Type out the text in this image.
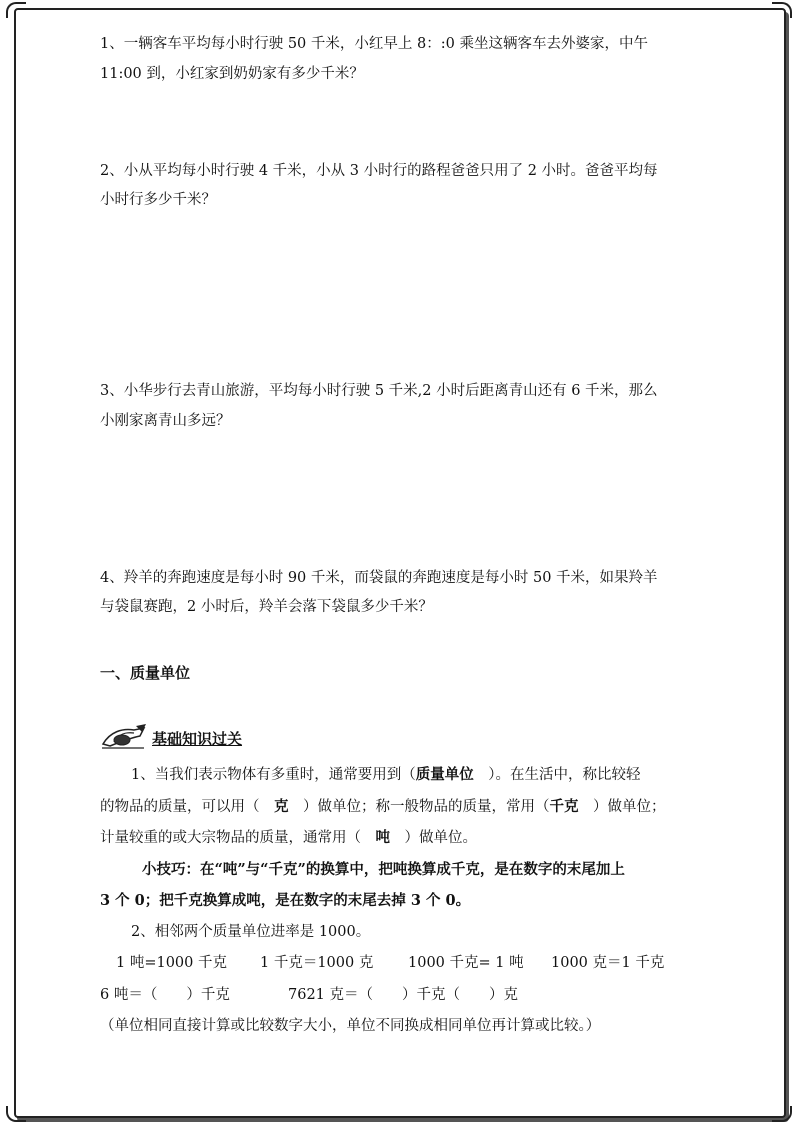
1、一辆客车平均每小时行驶 50 千米，小红早上 8：:0 乘坐这辆客车去外婆家，中午
11:00 到，小红家到奶奶家有多少千米？
2、小从平均每小时行驶 4 千米，小从 3 小时行的路程爸爸只用了 2 小时。爸爸平均每
小时行多少千米？
3、小华步行去青山旅游，平均每小时行驶 5 千米,2 小时后距离青山还有 6 千米，那么
小刚家离青山多远？
4、羚羊的奔跑速度是每小时 90 千米，而袋鼠的奔跑速度是每小时 50 千米，如果羚羊
与袋鼠赛跑，2 小时后，羚羊会落下袋鼠多少千米？
一、质量单位
基础知识过关
1、当我们表示物体有多重时，通常要用到（质量单位　 ）。在生活中，称比较轻
的物品的质量，可以用（　 克　 ）做单位；称一般物品的质量，常用（千克　 ）做单位；
计量较重的或大宗物品的质量，通常用（　 吨　 ）做单位。
小技巧：在“吨”与“千克”的换算中，把吨换算成千克，是在数字的末尾加上
3 个 0；把千克换算成吨，是在数字的末尾去掉 3 个 0。
2、相邻两个质量单位进率是 1000。
1 吨=1000 千克 1 千克＝1000 克 1000 千克= 1 吨 1000 克＝1 千克
6 吨＝（　　）千克	7621 克＝（　　）千克（　　）克
（单位相同直接计算或比较数字大小，单位不同换成相同单位再计算或比较。）
